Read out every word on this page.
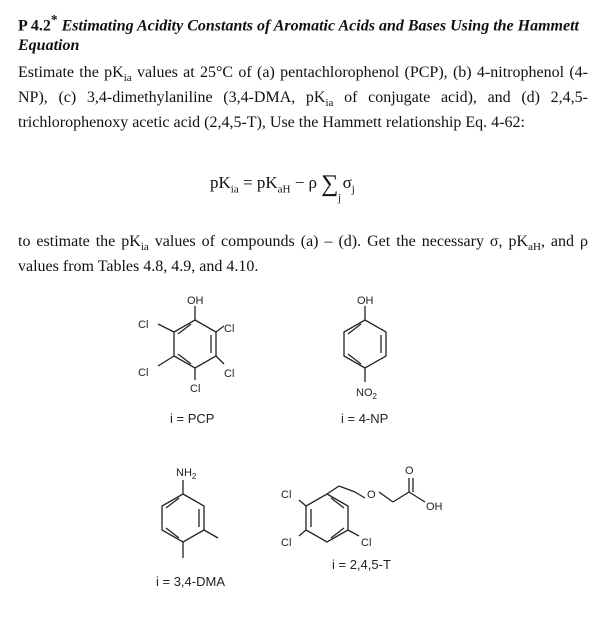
P 4.2* Estimating Acidity Constants of Aromatic Acids and Bases Using the Hammett Equation
Estimate the $pK_{ia}$ values at 25°C of (a) pentachlorophenol (PCP), (b) 4-nitrophenol (4-NP), (c) 3,4-dimethylaniline (3,4-DMA, $pK_{ia}$ of conjugate acid), and (d) 2,4,5-trichlorophenoxy acetic acid (2,4,5-T), Use the Hammett relationship Eq. 4-62:
$pK_{ia} = pK_{aH} - \rho$ ∑ $\sigma_j$
j
to estimate the $pK_{ia}$ values of compounds (a) – (d). Get the necessary σ, $pK_{aH}$, and ρ values from Tables 4.8, 4.9, and 4.10.
OH
Cl
Cl
Cl
Cl
Cl
i = PCP
OH
$NO_2$
i = 4-NP
$NH_2$
i = 3,4-DMA
Cl
Cl	Cl
O
O
OH
i = 2,4,5-T
